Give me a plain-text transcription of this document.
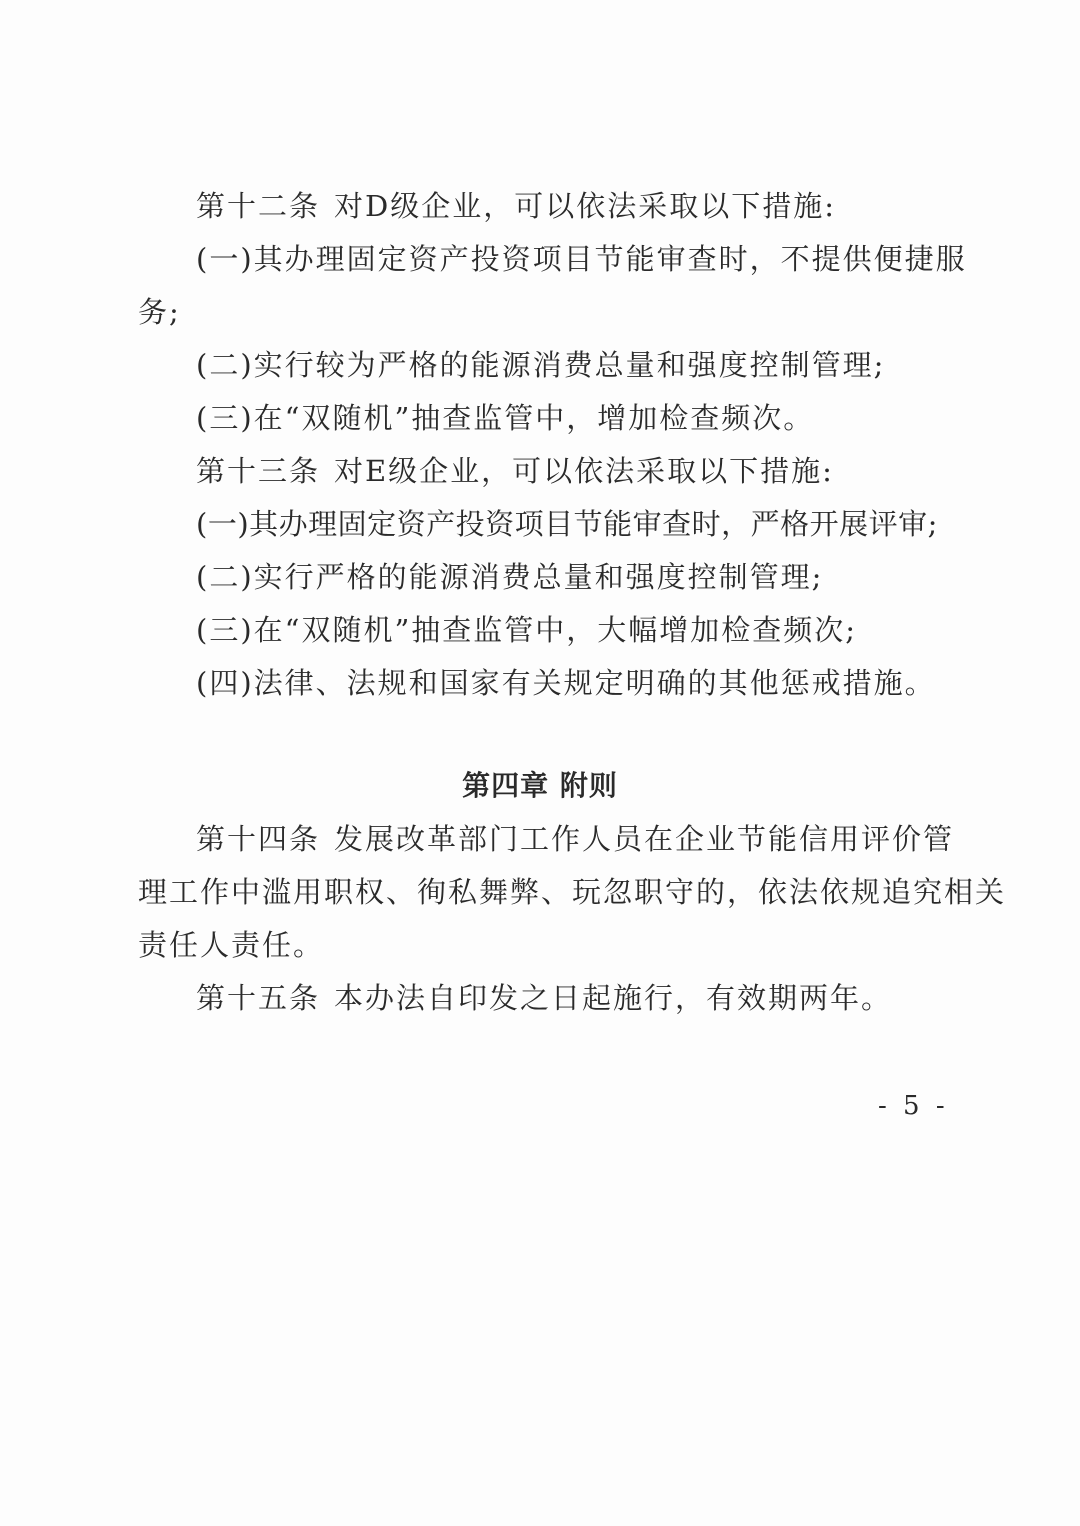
第十二条 对D级企业，可以依法采取以下措施:
(一)其办理固定资产投资项目节能审查时，不提供便捷服
务;
(二)实行较为严格的能源消费总量和强度控制管理;
(三)在“双随机”抽查监管中，增加检查频次。
第十三条 对E级企业，可以依法采取以下措施:
(一)其办理固定资产投资项目节能审查时，严格开展评审;
(二)实行严格的能源消费总量和强度控制管理;
(三)在“双随机”抽查监管中，大幅增加检查频次;
(四)法律、法规和国家有关规定明确的其他惩戒措施。
第四章 附则
第十四条 发展改革部门工作人员在企业节能信用评价管
理工作中滥用职权、徇私舞弊、玩忽职守的，依法依规追究相关
责任人责任。
第十五条 本办法自印发之日起施行，有效期两年。
- 5 -
